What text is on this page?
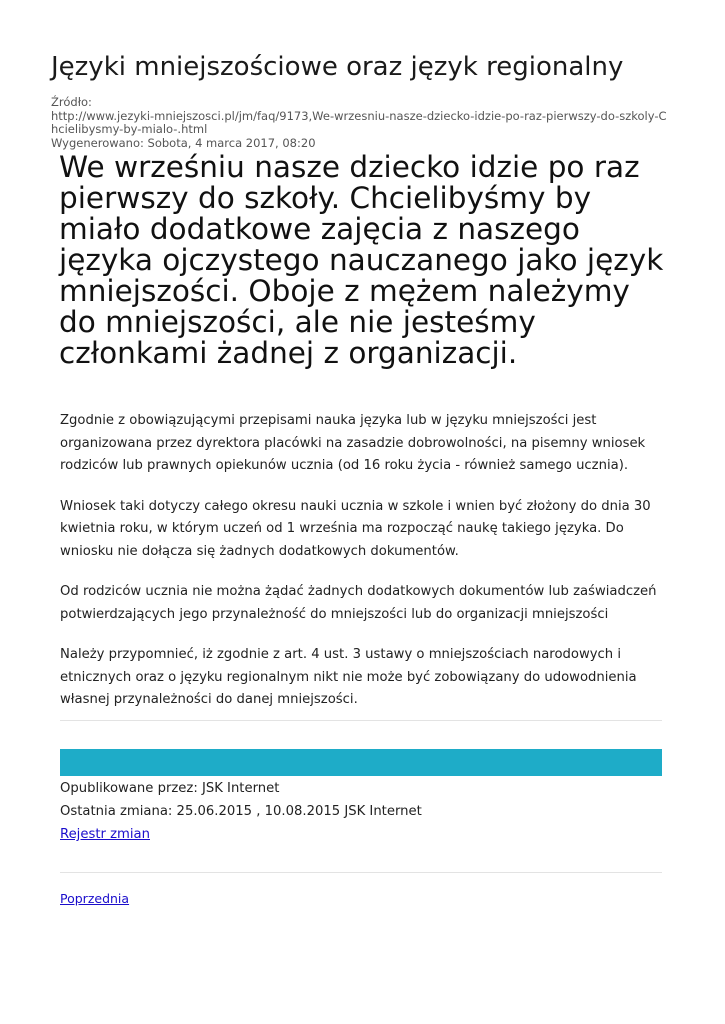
Języki mniejszościowe oraz język regionalny
Źródło:

http://www.jezyki-mniejszosci.pl/jm/faq/9173,We-wrzesniu-nasze-dziecko-idzie-po-raz-pierwszy-do-szkoly-Chcielibysmy-by-mialo-.html
Wygenerowano: Sobota, 4 marca 2017, 08:20
We wrześniu nasze dziecko idzie po raz pierwszy do szkoły. Chcielibyśmy by miało dodatkowe zajęcia z naszego języka ojczystego nauczanego jako język mniejszości. Oboje z mężem należymy do mniejszości, ale nie jesteśmy członkami żadnej z organizacji.

Zgodnie z obowiązującymi przepisami nauka języka lub w języku mniejszości jest organizowana przez dyrektora placówki na zasadzie dobrowolności, na pisemny wniosek rodziców lub prawnych opiekunów ucznia (od 16 roku życia - również samego ucznia).

Wniosek taki dotyczy całego okresu nauki ucznia w szkole i wnien być złożony do dnia 30 kwietnia roku, w którym uczeń od 1 września ma rozpocząć naukę takiego języka. Do wniosku nie dołącza się żadnych dodatkowych dokumentów.

Od rodziców ucznia nie można żądać żadnych dodatkowych dokumentów lub zaświadczeń potwierdzających jego przynależność do mniejszości lub do organizacji mniejszości

Należy przypomnieć, iż zgodnie z art. 4 ust. 3 ustawy o mniejszościach narodowych i etnicznych oraz o języku regionalnym nikt nie może być zobowiązany do udowodnienia własnej przynależności do danej mniejszości.

Opublikowane przez: JSK Internet
Ostatnia zmiana: 25.06.2015 , 10.08.2015 JSK Internet
Rejestr zmian
Poprzednia
